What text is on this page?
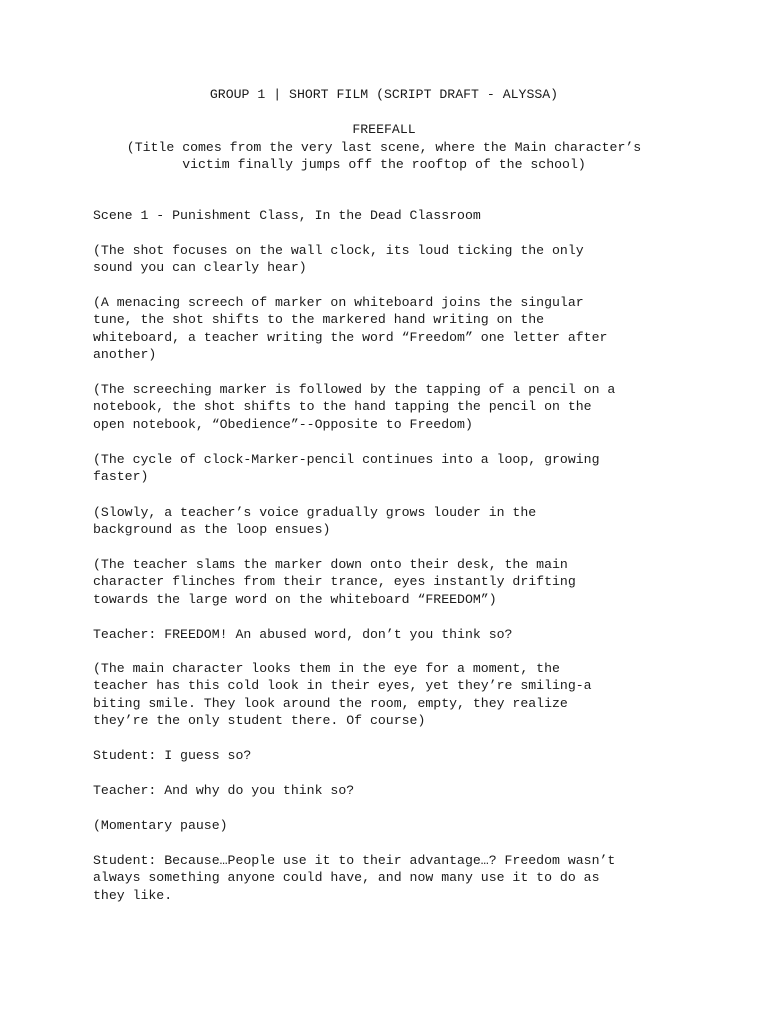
GROUP 1 | SHORT FILM (SCRIPT DRAFT - ALYSSA)
FREEFALL
(Title comes from the very last scene, where the Main character’s
victim finally jumps off the rooftop of the school)

Scene 1 - Punishment Class, In the Dead Classroom

(The shot focuses on the wall clock, its loud ticking the only
sound you can clearly hear)

(A menacing screech of marker on whiteboard joins the singular
tune, the shot shifts to the markered hand writing on the
whiteboard, a teacher writing the word “Freedom” one letter after
another)

(The screeching marker is followed by the tapping of a pencil on a
notebook, the shot shifts to the hand tapping the pencil on the
open notebook, “Obedience”--Opposite to Freedom)

(The cycle of clock-Marker-pencil continues into a loop, growing
faster)

(Slowly, a teacher’s voice gradually grows louder in the
background as the loop ensues)

(The teacher slams the marker down onto their desk, the main
character flinches from their trance, eyes instantly drifting
towards the large word on the whiteboard “FREEDOM”)

Teacher: FREEDOM! An abused word, don’t you think so?

(The main character looks them in the eye for a moment, the
teacher has this cold look in their eyes, yet they’re smiling-a
biting smile. They look around the room, empty, they realize
they’re the only student there. Of course)

Student: I guess so?

Teacher: And why do you think so?

(Momentary pause)

Student: Because…People use it to their advantage…? Freedom wasn’t
always something anyone could have, and now many use it to do as
they like.
